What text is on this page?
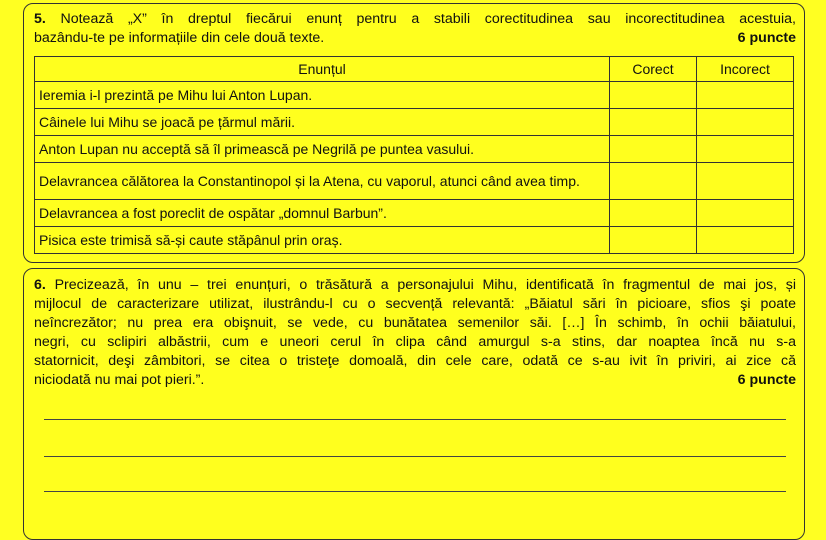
5. Notează „X” în dreptul fiecărui enunț pentru a stabili corectitudinea sau incorectitudinea acestuia,
bazându-te pe informațiile din cele două texte.	6 puncte
Enunțul	Corect	Incorect
Ieremia i-l prezintă pe Mihu lui Anton Lupan.		
Câinele lui Mihu se joacă pe țărmul mării.		
Anton Lupan nu acceptă să îl primească pe Negrilă pe puntea vasului.		
Delavrancea călătorea la Constantinopol și la Atena, cu vaporul, atunci când avea timp.		
Delavrancea a fost poreclit de ospătar „domnul Barbun”.		
Pisica este trimisă să-și caute stăpânul prin oraș.		
6. Precizează, în unu – trei enunțuri, o trăsătură a personajului Mihu, identificată în fragmentul de mai jos, și
mijlocul de caracterizare utilizat, ilustrându-l cu o secvență relevantă: „Băiatul sări în picioare, sfios şi poate
neîncrezător; nu prea era obişnuit, se vede, cu bunătatea semenilor săi. […] În schimb, în ochii băiatului,
negri, cu sclipiri albăstrii, cum e uneori cerul în clipa când amurgul s-a stins, dar noaptea încă nu s-a
statornicit, deşi zâmbitori, se citea o tristeţe domoală, din cele care, odată ce s-au ivit în priviri, ai zice că
niciodată nu mai pot pieri.”.	6 puncte
